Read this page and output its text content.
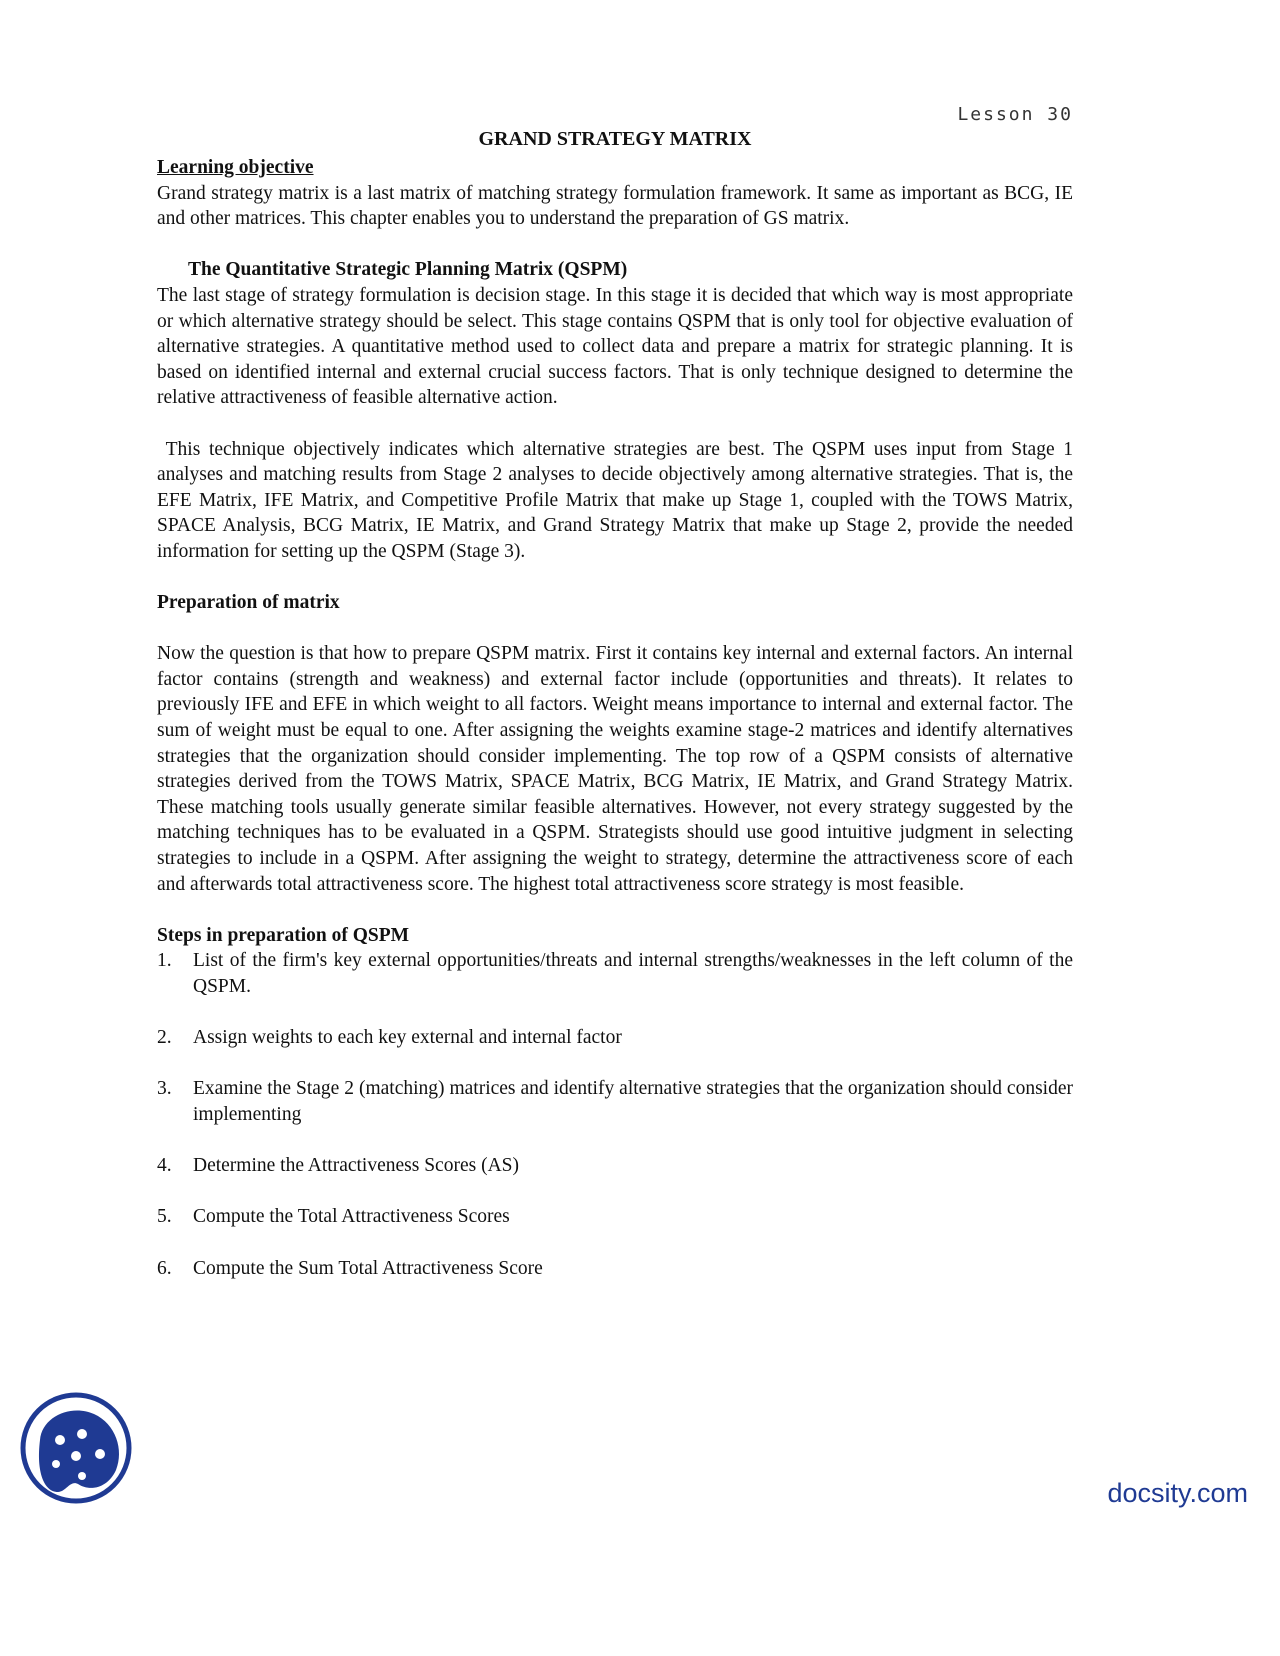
Lesson 30
GRAND STRATEGY MATRIX
Learning objective

Grand strategy matrix is a last matrix of matching strategy formulation framework. It same as important as BCG, IE and other matrices. This chapter enables you to understand the preparation of GS matrix.

The Quantitative Strategic Planning Matrix (QSPM)

The last stage of strategy formulation is decision stage. In this stage it is decided that which way is most appropriate or which alternative strategy should be select. This stage contains QSPM that is only tool for objective evaluation of alternative strategies. A quantitative method used to collect data and prepare a matrix for strategic planning. It is based on identified internal and external crucial success factors. That is only technique designed to determine the relative attractiveness of feasible alternative action.

This technique objectively indicates which alternative strategies are best. The QSPM uses input from Stage 1 analyses and matching results from Stage 2 analyses to decide objectively among alternative strategies. That is, the EFE Matrix, IFE Matrix, and Competitive Profile Matrix that make up Stage 1, coupled with the TOWS Matrix, SPACE Analysis, BCG Matrix, IE Matrix, and Grand Strategy Matrix that make up Stage 2, provide the needed information for setting up the QSPM (Stage 3).

Preparation of matrix

Now the question is that how to prepare QSPM matrix. First it contains key internal and external factors. An internal factor contains (strength and weakness) and external factor include (opportunities and threats). It relates to previously IFE and EFE in which weight to all factors. Weight means importance to internal and external factor. The sum of weight must be equal to one. After assigning the weights examine stage-2 matrices and identify alternatives strategies that the organization should consider implementing. The top row of a QSPM consists of alternative strategies derived from the TOWS Matrix, SPACE Matrix, BCG Matrix, IE Matrix, and Grand Strategy Matrix. These matching tools usually generate similar feasible alternatives. However, not every strategy suggested by the matching techniques has to be evaluated in a QSPM. Strategists should use good intuitive judgment in selecting strategies to include in a QSPM. After assigning the weight to strategy, determine the attractiveness score of each and afterwards total attractiveness score. The highest total attractiveness score strategy is most feasible.

Steps in preparation of QSPM
1.	List of the firm's key external opportunities/threats and internal strengths/weaknesses in the left column of the QSPM.
2.	Assign weights to each key external and internal factor
3.	Examine the Stage 2 (matching) matrices and identify alternative strategies that the organization should consider implementing
4.	Determine the Attractiveness Scores (AS)
5.	Compute the Total Attractiveness Scores
6.	Compute the Sum Total Attractiveness Score
docsity.com
